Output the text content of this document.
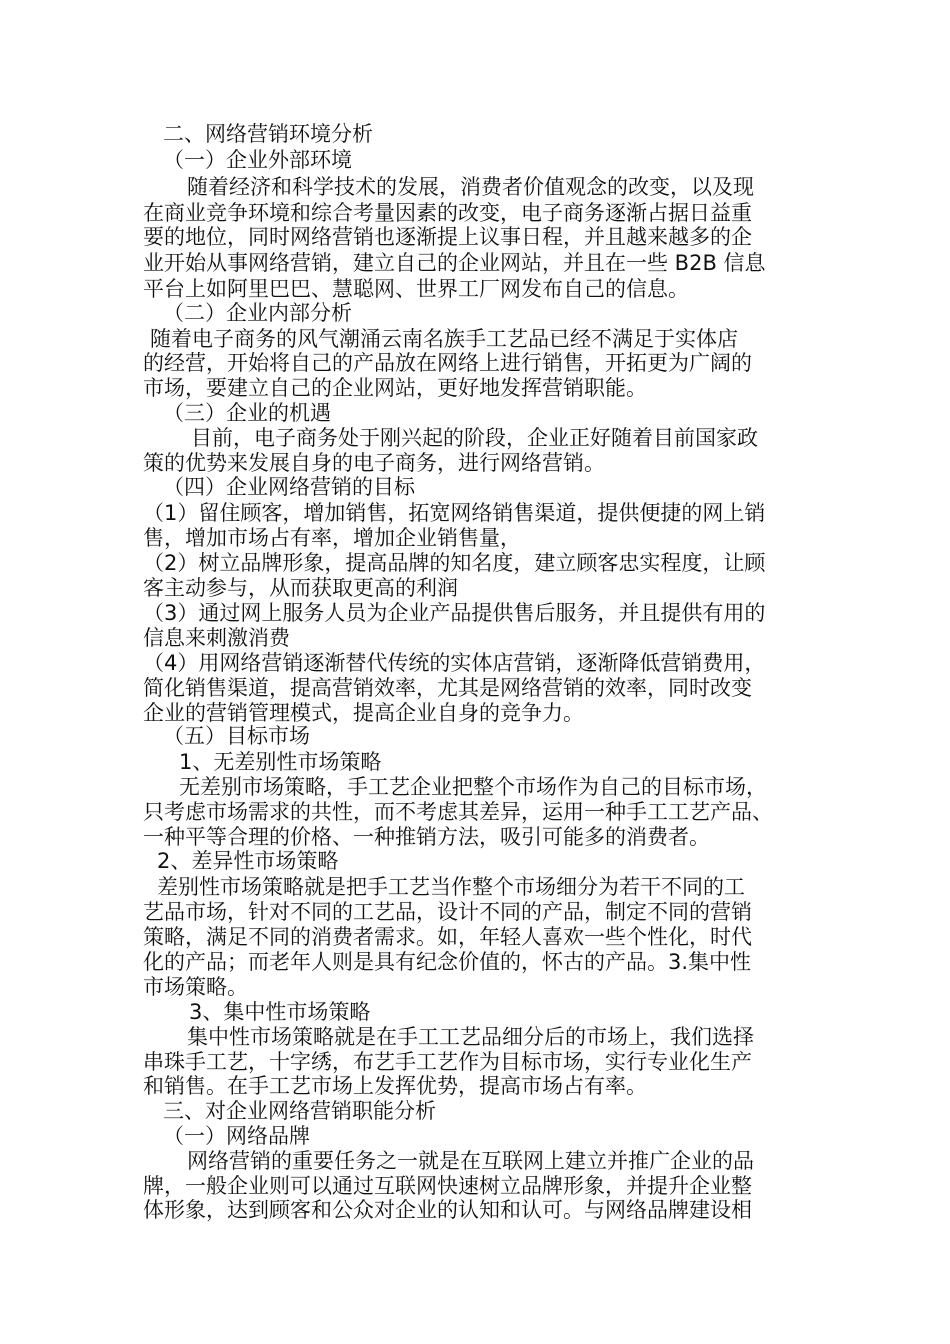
二、网络营销环境分析

（一）企业外部环境

随着经济和科学技术的发展，消费者价值观念的改变，以及现

在商业竞争环境和综合考量因素的改变，电子商务逐渐占据日益重

要的地位，同时网络营销也逐渐提上议事日程，并且越来越多的企

业开始从事网络营销，建立自己的企业网站，并且在一些 B2B 信息

平台上如阿里巴巴、慧聪网、世界工厂网发布自己的信息。

（二）企业内部分析

随着电子商务的风气潮涌云南名族手工艺品已经不满足于实体店

的经营，开始将自己的产品放在网络上进行销售，开拓更为广阔的

市场，要建立自己的企业网站，更好地发挥营销职能。

（三）企业的机遇

目前，电子商务处于刚兴起的阶段，企业正好随着目前国家政

策的优势来发展自身的电子商务，进行网络营销。

（四）企业网络营销的目标

（1）留住顾客，增加销售，拓宽网络销售渠道，提供便捷的网上销

售，增加市场占有率，增加企业销售量，

（2）树立品牌形象，提高品牌的知名度，建立顾客忠实程度，让顾

客主动参与，从而获取更高的利润

（3）通过网上服务人员为企业产品提供售后服务，并且提供有用的

信息来刺激消费

（4）用网络营销逐渐替代传统的实体店营销，逐渐降低营销费用，

简化销售渠道，提高营销效率，尤其是网络营销的效率，同时改变

企业的营销管理模式，提高企业自身的竞争力。

（五）目标市场

1、无差别性市场策略

无差别市场策略，手工艺企业把整个市场作为自己的目标市场，

只考虑市场需求的共性，而不考虑其差异，运用一种手工工艺产品、

一种平等合理的价格、一种推销方法，吸引可能多的消费者。

2、差异性市场策略

差别性市场策略就是把手工艺当作整个市场细分为若干不同的工

艺品市场，针对不同的工艺品，设计不同的产品，制定不同的营销

策略，满足不同的消费者需求。如，年轻人喜欢一些个性化，时代

化的产品；而老年人则是具有纪念价值的，怀古的产品。3.集中性

市场策略。

3、集中性市场策略

集中性市场策略就是在手工工艺品细分后的市场上，我们选择

串珠手工艺，十字绣，布艺手工艺作为目标市场，实行专业化生产

和销售。在手工艺市场上发挥优势，提高市场占有率。

三、对企业网络营销职能分析

（一）网络品牌

网络营销的重要任务之一就是在互联网上建立并推广企业的品

牌，一般企业则可以通过互联网快速树立品牌形象，并提升企业整

体形象，达到顾客和公众对企业的认知和认可。与网络品牌建设相
